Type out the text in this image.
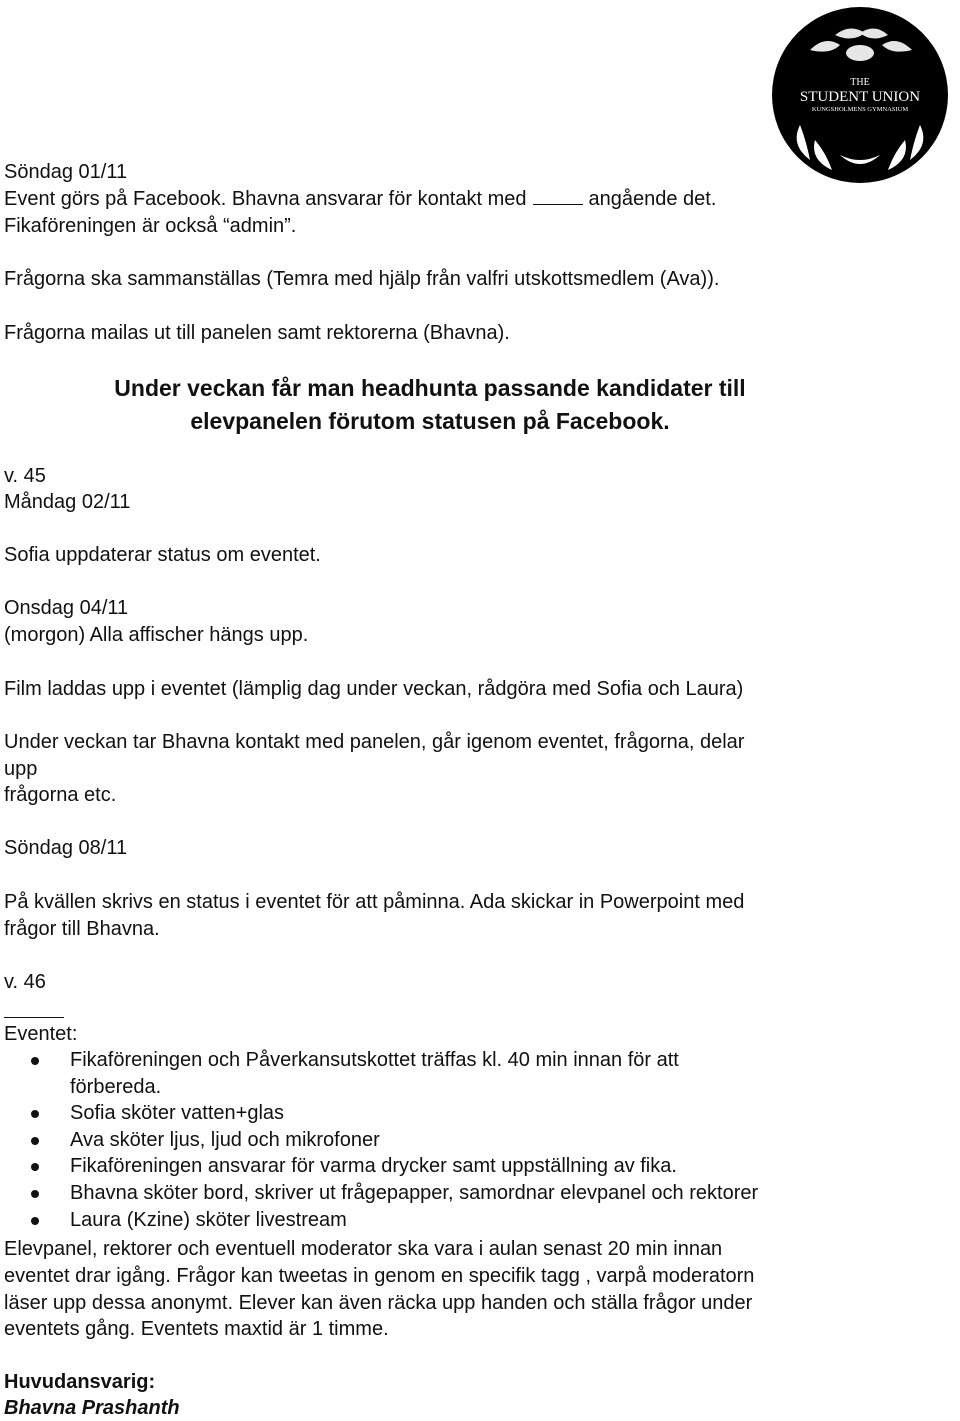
THE
STUDENT UNION
KUNGSHOLMENS GYMNASIUM
Söndag 01/11
Event görs på Facebook. Bhavna ansvarar för kontakt med	angående det.
Fikaföreningen är också “admin”.
Frågorna ska sammanställas (Temra med hjälp från valfri utskottsmedlem (Ava)).
Frågorna mailas ut till panelen samt rektorerna (Bhavna).
Under veckan får man headhunta passande kandidater till
elevpanelen förutom statusen på Facebook.
v. 45
Måndag 02/11
Sofia uppdaterar status om eventet.
Onsdag 04/11
(morgon) Alla affischer hängs upp.
Film laddas upp i eventet (lämplig dag under veckan, rådgöra med Sofia och Laura)
Under veckan tar Bhavna kontakt med panelen, går igenom eventet, frågorna, delar
upp
frågorna etc.
Söndag 08/11
På kvällen skrivs en status i eventet för att påminna. Ada skickar in Powerpoint med
frågor till Bhavna.
v. 46
Eventet:
Fikaföreningen och Påverkansutskottet träffas kl. 40 min innan för att
förbereda.
Sofia sköter vatten+glas
Ava sköter ljus, ljud och mikrofoner
Fikaföreningen ansvarar för varma drycker samt uppställning av fika.
Bhavna sköter bord, skriver ut frågepapper, samordnar elevpanel och rektorer
Laura (Kzine) sköter livestream
Elevpanel, rektorer och eventuell moderator ska vara i aulan senast 20 min innan
eventet drar igång. Frågor kan tweetas in genom en specifik tagg , varpå moderatorn
läser upp dessa anonymt. Elever kan även räcka upp handen och ställa frågor under
eventets gång. Eventets maxtid är 1 timme.
Huvudansvarig:
Bhavna Prashanth
